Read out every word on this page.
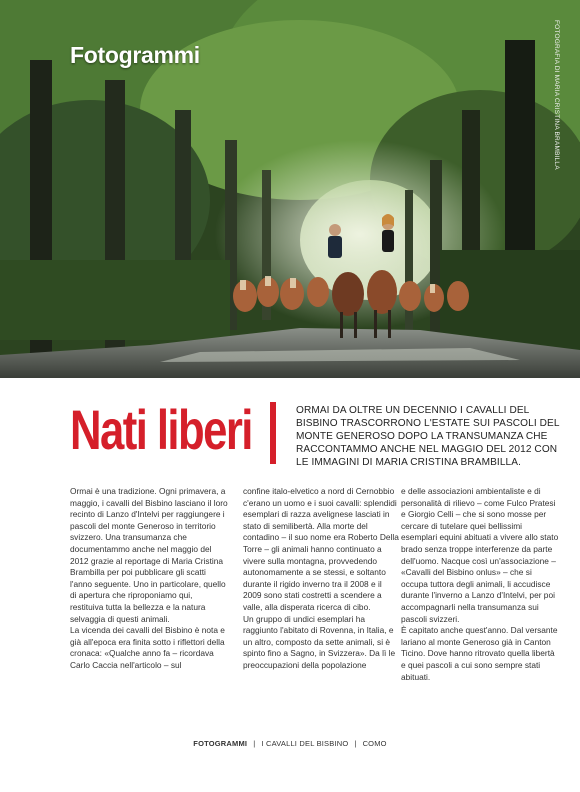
Fotogrammi	FOTOGRAFIA DI MARIA CRISTINA BRAMBILLA
Nati liberi	ORMAI DA OLTRE UN DECENNIO I CAVALLI DEL BISBINO TRASCORRONO L'ESTATE SUI PASCOLI DEL MONTE GENEROSO DOPO LA TRANSUMANZA CHE RACCONTAMMO ANCHE NEL MAGGIO DEL 2012 CON LE IMMAGINI DI MARIA CRISTINA BRAMBILLA.

Ormai è una tradizione. Ogni primavera, a maggio, i cavalli del Bisbino lasciano il loro recinto di Lanzo d'Intelvi per raggiungere i pascoli del monte Generoso in territorio svizzero. Una transumanza che documentammo anche nel maggio del 2012 grazie al reportage di Maria Cristina Brambilla per poi pubblicare gli scatti l'anno seguente. Uno in particolare, quello di apertura che riproponiamo qui, restituiva tutta la bellezza e la natura selvaggia di questi animali.

La vicenda dei cavalli del Bisbino è nota e già all'epoca era finita sotto i riflettori della cronaca: «Qualche anno fa – ricordava Carlo Caccia nell'articolo – sul

confine italo-elvetico a nord di Cernobbio c'erano un uomo e i suoi cavalli: splendidi esemplari di razza avelignese lasciati in stato di semilibertà. Alla morte del contadino – il suo nome era Roberto Della Torre – gli animali hanno continuato a vivere sulla montagna, provvedendo autonomamente a se stessi, e soltanto durante il rigido inverno tra il 2008 e il 2009 sono stati costretti a scendere a valle, alla disperata ricerca di cibo.

Un gruppo di undici esemplari ha raggiunto l'abitato di Rovenna, in Italia, e un altro, composto da sette animali, si è spinto fino a Sagno, in Svizzera». Da lì le preoccupazioni della popolazione

e delle associazioni ambientaliste e di personalità di rilievo – come Fulco Pratesi e Giorgio Celli – che si sono mosse per cercare di tutelare quei bellissimi esemplari equini abituati a vivere allo stato brado senza troppe interferenze da parte dell'uomo. Nacque così un'associazione – «Cavalli del Bisbino onlus» – che si occupa tuttora degli animali, li accudisce durante l'inverno a Lanzo d'Intelvi, per poi accompagnarli nella transumanza sui pascoli svizzeri.

È capitato anche quest'anno. Dal versante lariano al monte Generoso già in Canton Ticino. Dove hanno ritrovato quella libertà e quei pascoli a cui sono sempre stati abituati.

FOTOGRAMMI | I CAVALLI DEL BISBINO | COMO
